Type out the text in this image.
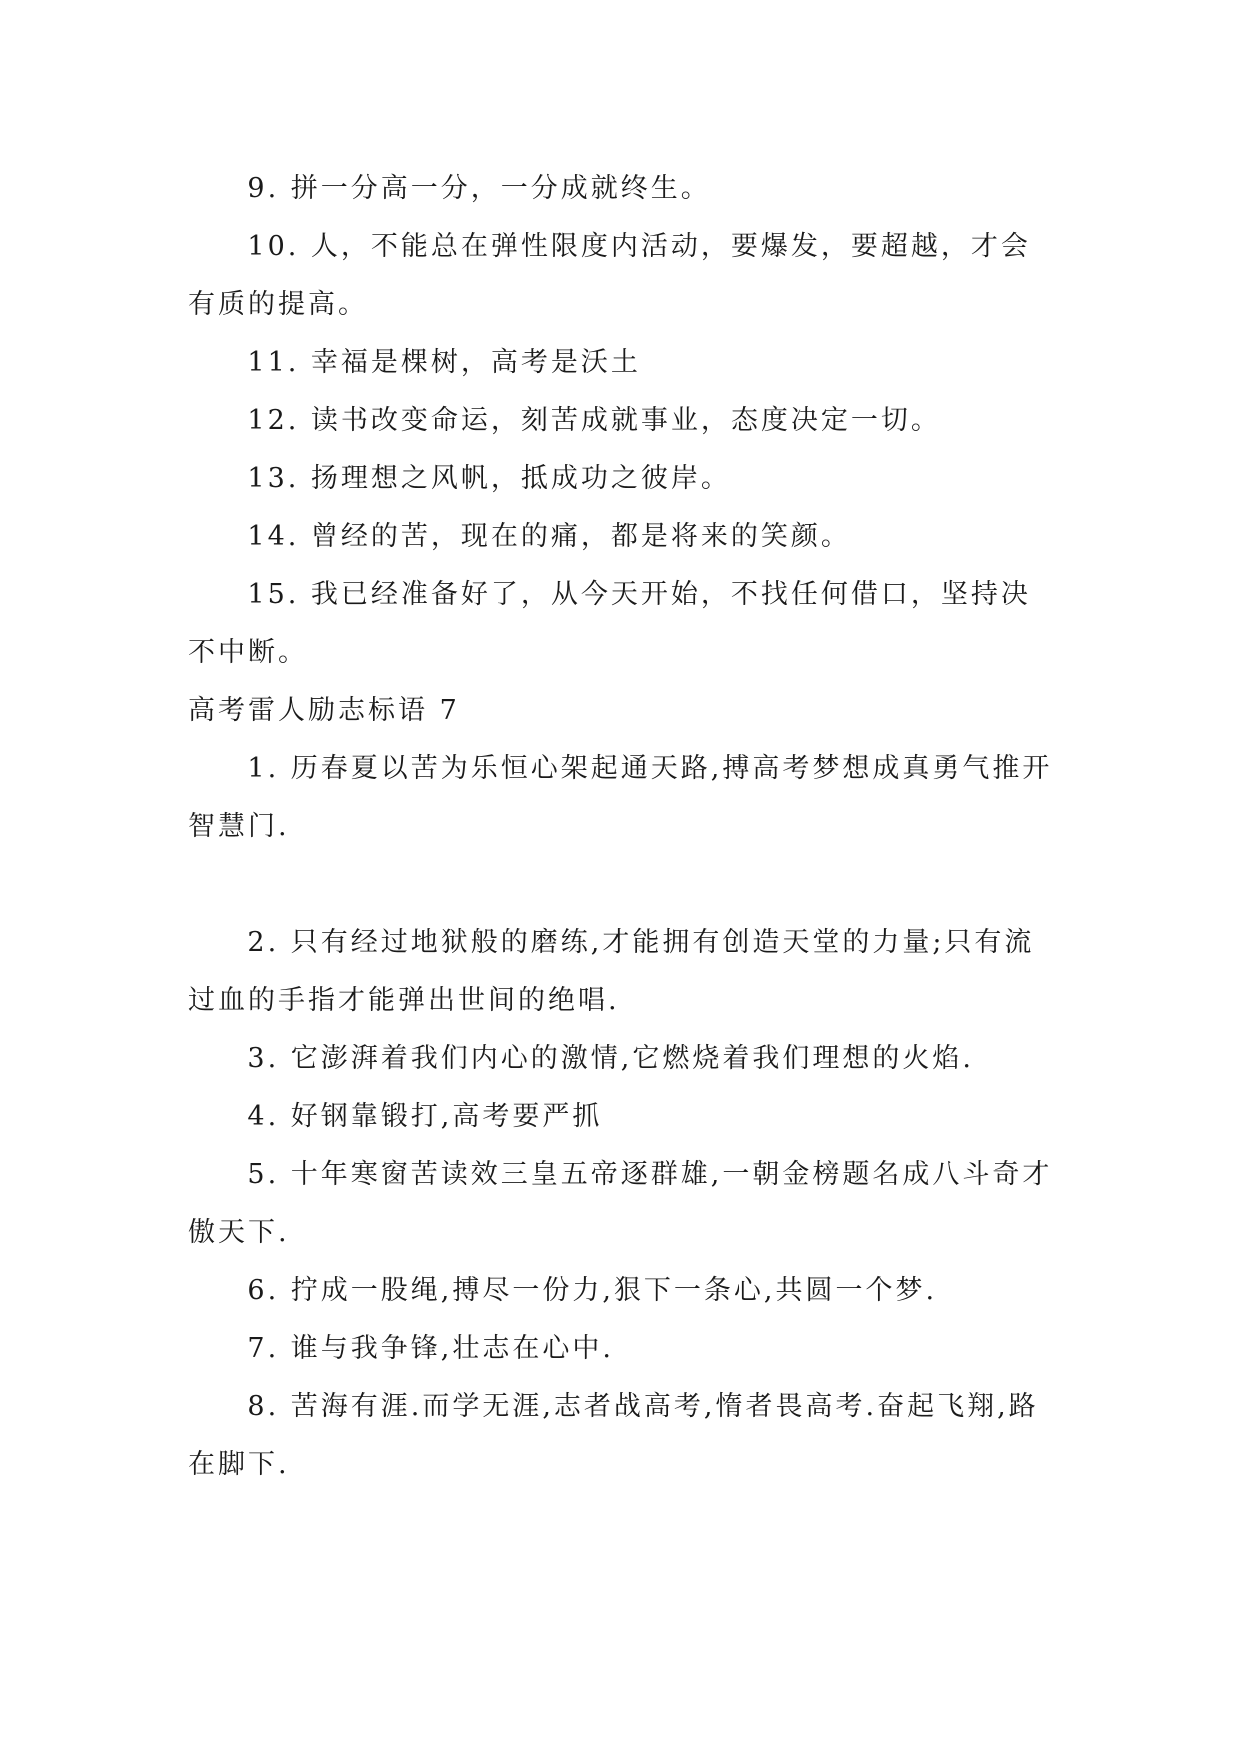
9. 拼一分高一分，一分成就终生。

10. 人，不能总在弹性限度内活动，要爆发，要超越，才会有质的提高。

11. 幸福是棵树，高考是沃土

12. 读书改变命运，刻苦成就事业，态度决定一切。

13. 扬理想之风帆，抵成功之彼岸。

14. 曾经的苦，现在的痛，都是将来的笑颜。

15. 我已经准备好了，从今天开始，不找任何借口，坚持决不中断。

高考雷人励志标语 7

1. 历春夏以苦为乐恒心架起通天路,搏高考梦想成真勇气推开智慧门.

2. 只有经过地狱般的磨练,才能拥有创造天堂的力量;只有流过血的手指才能弹出世间的绝唱.

3. 它澎湃着我们内心的激情,它燃烧着我们理想的火焰.

4. 好钢靠锻打,高考要严抓

5. 十年寒窗苦读效三皇五帝逐群雄,一朝金榜题名成八斗奇才傲天下.

6. 拧成一股绳,搏尽一份力,狠下一条心,共圆一个梦.

7. 谁与我争锋,壮志在心中.

8. 苦海有涯.而学无涯,志者战高考,惰者畏高考.奋起飞翔,路在脚下.
